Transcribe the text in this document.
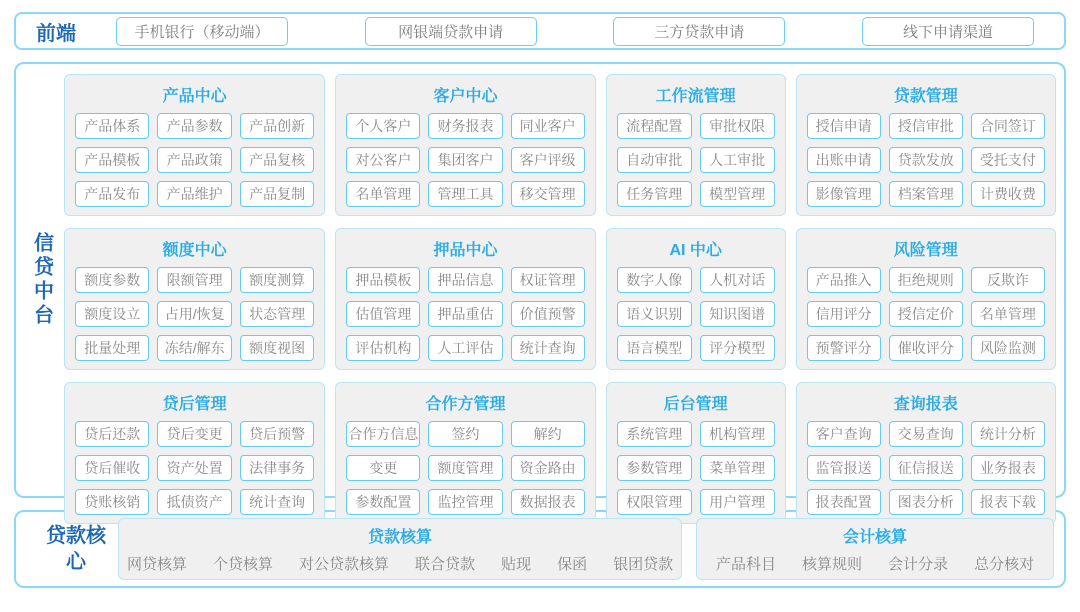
前端	手机银行（移动端）	网银端贷款申请	三方贷款申请	线下申请渠道
信贷中台
产品中心
产品体系	产品参数	产品创新
产品模板	产品政策	产品复核
产品发布	产品维护	产品复制
客户中心
个人客户	财务报表	同业客户
对公客户	集团客户	客户评级
名单管理	管理工具	移交管理
工作流管理
流程配置	审批权限
自动审批	人工审批
任务管理	模型管理
贷款管理
授信申请	授信审批	合同签订
出账申请	贷款发放	受托支付
影像管理	档案管理	计费收费
额度中心
额度参数	限额管理	额度测算
额度设立	占用/恢复	状态管理
批量处理	冻结/解东	额度视图
押品中心
押品模板	押品信息	权证管理
估值管理	押品重估	价值预警
评估机构	人工评估	统计查询
AI 中心
数字人像	人机对话
语义识别	知识图谱
语言模型	评分模型
风险管理
产品推入	拒绝规则	反欺诈
信用评分	授信定价	名单管理
预警评分	催收评分	风险监测
贷后管理
贷后还款	贷后变更	贷后预警
贷后催收	资产处置	法律事务
贷账核销	抵债资产	统计查询
合作方管理
合作方信息	签约	解约
变更	额度管理	资金路由
参数配置	监控管理	数据报表
后台管理
系统管理	机构管理
参数管理	菜单管理
权限管理	用户管理
查询报表
客户查询	交易查询	统计分析
监管报送	征信报送	业务报表
报表配置	图表分析	报表下载
贷款核心
贷款核算
网贷核算 个贷核算 对公贷款核算 联合贷款 贴现 保函 银团贷款
会计核算
产品科目 核算规则 会计分录 总分核对
